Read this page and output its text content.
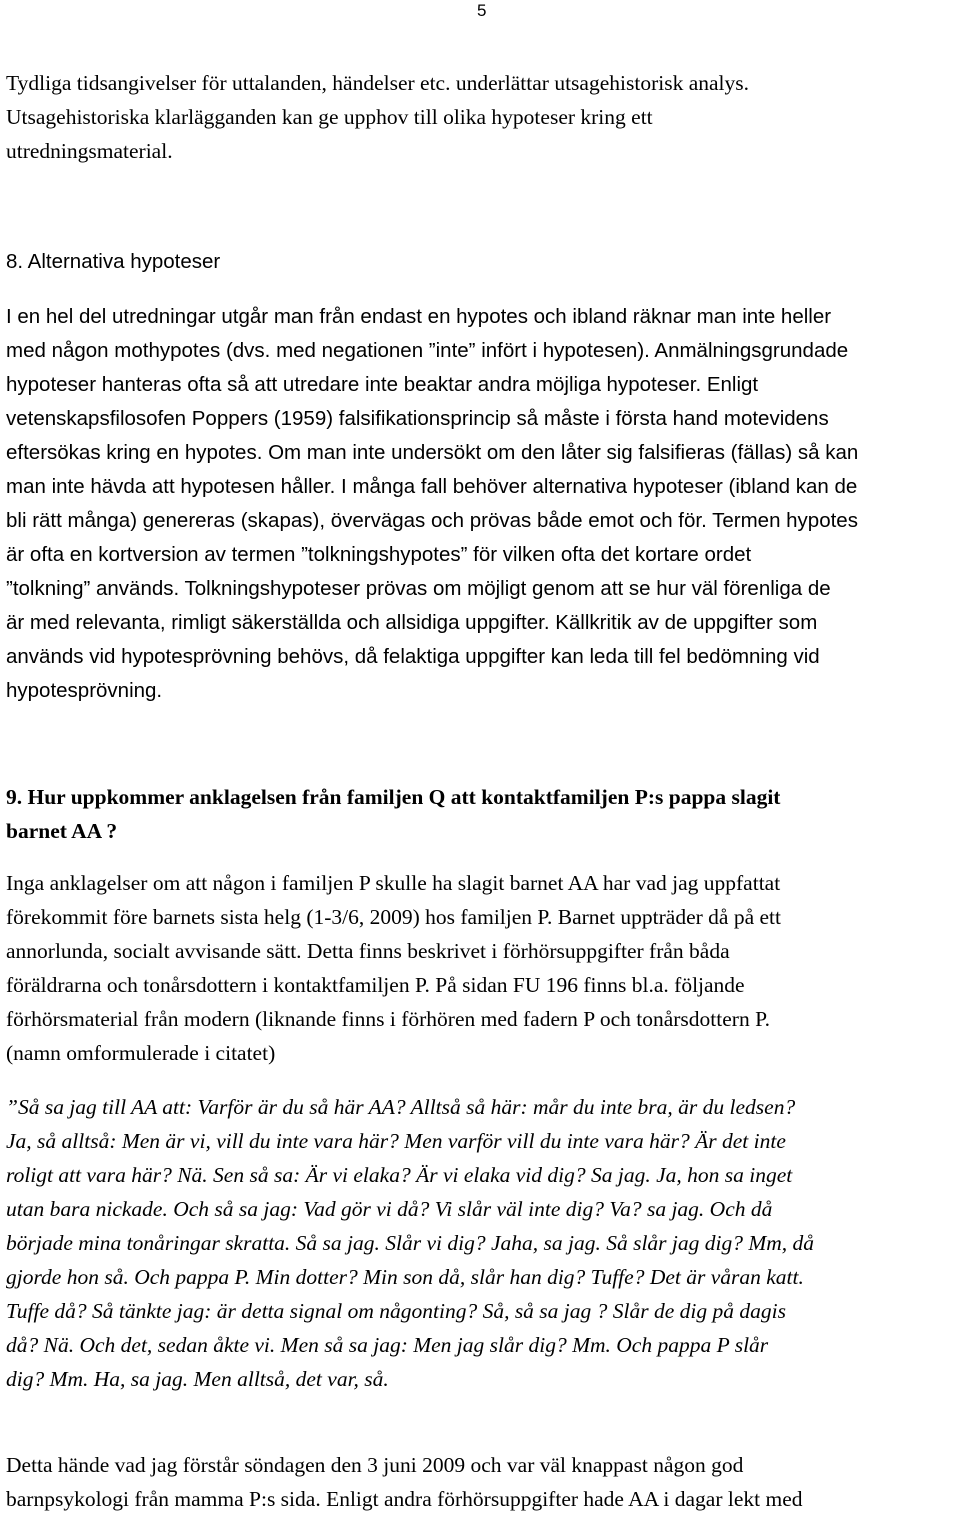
5
Tydliga tidsangivelser för uttalanden, händelser etc. underlättar utsagehistorisk analys.
Utsagehistoriska klarlägganden kan ge upphov till olika hypoteser kring ett
utredningsmaterial.
8. Alternativa hypoteser
I en hel del utredningar utgår man från endast en hypotes och ibland räknar man inte heller
med någon mothypotes (dvs. med negationen ”inte” infört i hypotesen). Anmälningsgrundade
hypoteser hanteras ofta så att utredare inte beaktar andra möjliga hypoteser. Enligt
vetenskapsfilosofen Poppers (1959) falsifikationsprincip så måste i första hand motevidens
eftersökas kring en hypotes. Om man inte undersökt om den låter sig falsifieras (fällas) så kan
man inte hävda att hypotesen håller. I många fall behöver alternativa hypoteser (ibland kan de
bli rätt många) genereras (skapas), övervägas och prövas både emot och för. Termen hypotes
är ofta en kortversion av termen ”tolkningshypotes” för vilken ofta det kortare ordet
”tolkning” används. Tolkningshypoteser prövas om möjligt genom att se hur väl förenliga de
är med relevanta, rimligt säkerställda och allsidiga uppgifter. Källkritik av de uppgifter som
används vid hypotesprövning behövs, då felaktiga uppgifter kan leda till fel bedömning vid
hypotesprövning.
9. Hur uppkommer anklagelsen från familjen Q att kontaktfamiljen P:s pappa slagit
barnet AA ?
Inga anklagelser om att någon i familjen P skulle ha slagit barnet AA har vad jag uppfattat
förekommit före barnets sista helg (1-3/6, 2009) hos familjen P. Barnet uppträder då på ett
annorlunda, socialt avvisande sätt. Detta finns beskrivet i förhörsuppgifter från båda
föräldrarna och tonårsdottern i kontaktfamiljen P. På sidan FU 196 finns bl.a. följande
förhörsmaterial från modern (liknande finns i förhören med fadern P och tonårsdottern P.
(namn omformulerade i citatet)
”Så sa jag till AA att: Varför är du så här AA? Alltså så här: mår du inte bra, är du ledsen?
Ja, så alltså: Men är vi, vill du inte vara här? Men varför vill du inte vara här? Är det inte
roligt att vara här? Nä. Sen så sa: Är vi elaka? Är vi elaka vid dig? Sa jag. Ja, hon sa inget
utan bara nickade. Och så sa jag: Vad gör vi då? Vi slår väl inte dig? Va? sa jag. Och då
började mina tonåringar skratta. Så sa jag. Slår vi dig? Jaha, sa jag. Så slår jag dig? Mm, då
gjorde hon så. Och pappa P. Min dotter? Min son då, slår han dig? Tuffe? Det är våran katt.
Tuffe då? Så tänkte jag: är detta signal om någonting? Så, så sa jag ? Slår de dig på dagis
då? Nä. Och det, sedan åkte vi. Men så sa jag: Men jag slår dig? Mm. Och pappa P slår
dig? Mm. Ha, sa jag. Men alltså, det var, så.
Detta hände vad jag förstår söndagen den 3 juni 2009 och var väl knappast någon god
barnpsykologi från mamma P:s sida. Enligt andra förhörsuppgifter hade AA i dagar lekt med
